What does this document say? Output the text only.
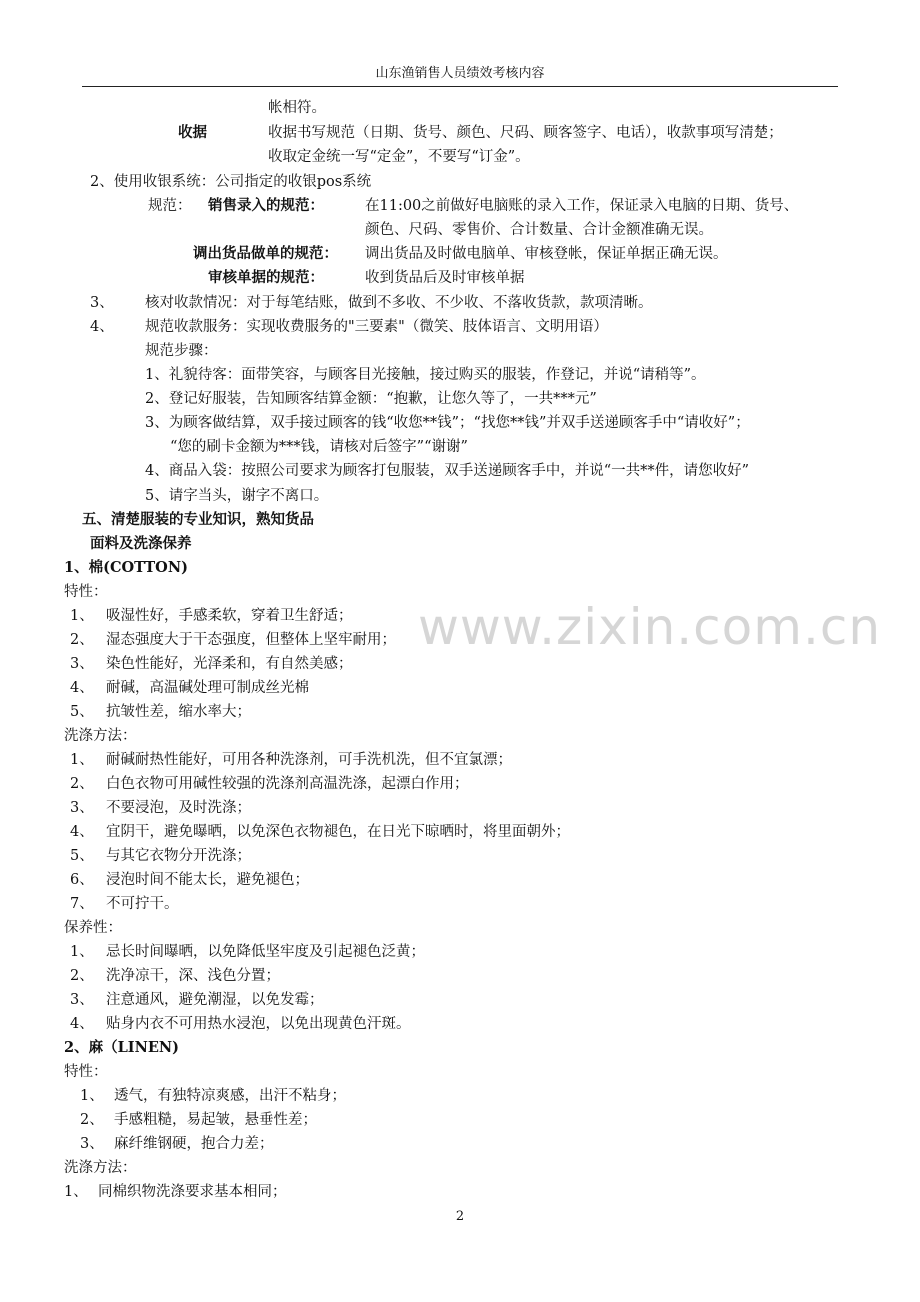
山东渔销售人员绩效考核内容
帐相符。
收据	收据书写规范（日期、货号、颜色、尺码、顾客签字、电话），收款事项写清楚；
收取定金统一写“定金”，不要写“订金”。
2、使用收银系统：公司指定的收银pos系统
规范： 销售录入的规范：	在11:00之前做好电脑账的录入工作，保证录入电脑的日期、货号、
颜色、尺码、零售价、合计数量、合计金额准确无误。
调出货品做单的规范： 调出货品及时做电脑单、审核登帐，保证单据正确无误。
审核单据的规范：	收到货品后及时审核单据
3、 核对收款情况：对于每笔结账，做到不多收、不少收、不落收货款，款项清晰。
4、 规范收款服务：实现收费服务的"三要素"（微笑、肢体语言、文明用语）
规范步骤：
1、礼貌待客：面带笑容，与顾客目光接触，接过购买的服装，作登记，并说“请稍等”。
2、登记好服装，告知顾客结算金额：“抱歉，让您久等了，一共***元”
3、为顾客做结算，双手接过顾客的钱“收您**钱”；“找您**钱”并双手送递顾客手中“请收好”；
“您的刷卡金额为***钱，请核对后签字”“谢谢”
4、商品入袋：按照公司要求为顾客打包服装，双手送递顾客手中，并说“一共**件，请您收好”
5、请字当头，谢字不离口。
五、清楚服装的专业知识，熟知货品
面料及洗涤保养
1、棉(COTTON)
特性：
1、 吸湿性好，手感柔软，穿着卫生舒适；
2、 湿态强度大于干态强度，但整体上坚牢耐用；
3、 染色性能好，光泽柔和，有自然美感；
4、 耐碱，高温碱处理可制成丝光棉
5、 抗皱性差，缩水率大；
洗涤方法：
1、 耐碱耐热性能好，可用各种洗涤剂，可手洗机洗，但不宜氯漂；
2、 白色衣物可用碱性较强的洗涤剂高温洗涤，起漂白作用；
3、 不要浸泡，及时洗涤；
4、 宜阴干，避免曝晒，以免深色衣物褪色，在日光下晾晒时，将里面朝外；
5、 与其它衣物分开洗涤；
6、 浸泡时间不能太长，避免褪色；
7、 不可拧干。
保养性：
1、 忌长时间曝晒，以免降低坚牢度及引起褪色泛黄；
2、 洗净凉干，深、浅色分置；
3、 注意通风，避免潮湿，以免发霉；
4、 贴身内衣不可用热水浸泡，以免出现黄色汗斑。
2、麻（LINEN)
特性：
1、 透气，有独特凉爽感，出汗不粘身；
2、 手感粗糙，易起皱，悬垂性差；
3、 麻纤维钢硬，抱合力差；
洗涤方法：
1、 同棉织物洗涤要求基本相同；
www.zixin.com.cn
2
